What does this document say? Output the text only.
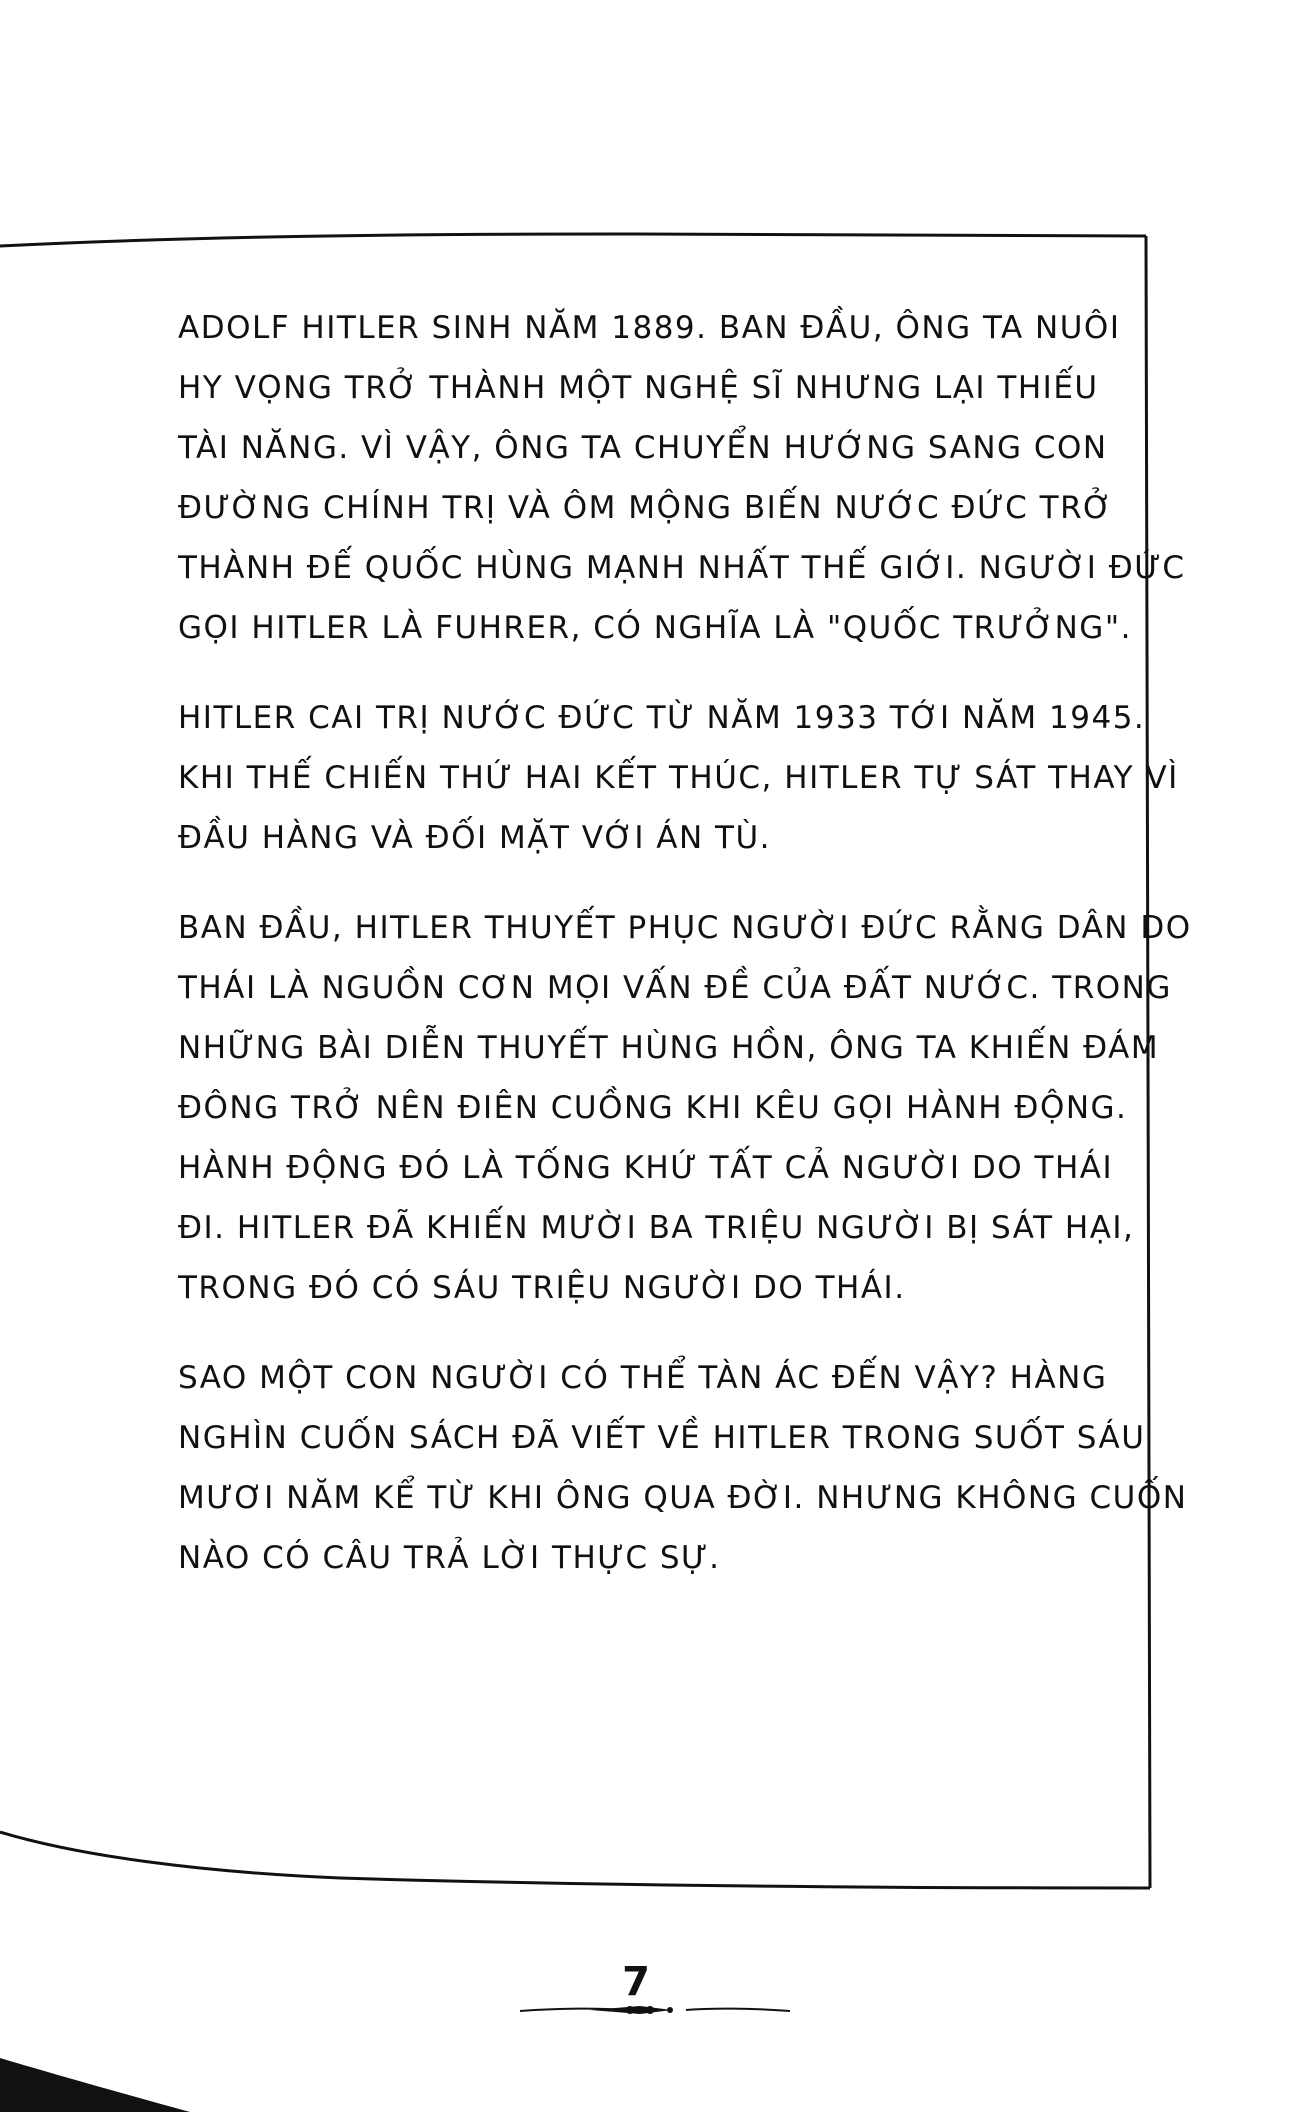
ADOLF HITLER SINH NĂM 1889. BAN ĐẦU, ÔNG TA NUÔI
HY VỌNG TRỞ THÀNH MỘT NGHỆ SĨ NHƯNG LẠI THIẾU
TÀI NĂNG. VÌ VẬY, ÔNG TA CHUYỂN HƯỚNG SANG CON
ĐƯỜNG CHÍNH TRỊ VÀ ÔM MỘNG BIẾN NƯỚC ĐỨC TRỞ
THÀNH ĐẾ QUỐC HÙNG MẠNH NHẤT THẾ GIỚI. NGƯỜI ĐỨC
GỌI HITLER LÀ FUHRER, CÓ NGHĨA LÀ "QUỐC TRƯỞNG".
HITLER CAI TRỊ NƯỚC ĐỨC TỪ NĂM 1933 TỚI NĂM 1945.
KHI THẾ CHIẾN THỨ HAI KẾT THÚC, HITLER TỰ SÁT THAY VÌ
ĐẦU HÀNG VÀ ĐỐI MẶT VỚI ÁN TÙ.
BAN ĐẦU, HITLER THUYẾT PHỤC NGƯỜI ĐỨC RẰNG DÂN DO
THÁI LÀ NGUỒN CƠN MỌI VẤN ĐỀ CỦA ĐẤT NƯỚC. TRONG
NHỮNG BÀI DIỄN THUYẾT HÙNG HỒN, ÔNG TA KHIẾN ĐÁM
ĐÔNG TRỞ NÊN ĐIÊN CUỒNG KHI KÊU GỌI HÀNH ĐỘNG.
HÀNH ĐỘNG ĐÓ LÀ TỐNG KHỨ TẤT CẢ NGƯỜI DO THÁI
ĐI. HITLER ĐÃ KHIẾN MƯỜI BA TRIỆU NGƯỜI BỊ SÁT HẠI,
TRONG ĐÓ CÓ SÁU TRIỆU NGƯỜI DO THÁI.
SAO MỘT CON NGƯỜI CÓ THỂ TÀN ÁC ĐẾN VẬY? HÀNG
NGHÌN CUỐN SÁCH ĐÃ VIẾT VỀ HITLER TRONG SUỐT SÁU
MƯƠI NĂM KỂ TỪ KHI ÔNG QUA ĐỜI. NHƯNG KHÔNG CUỐN
NÀO CÓ CÂU TRẢ LỜI THỰC SỰ.
7
